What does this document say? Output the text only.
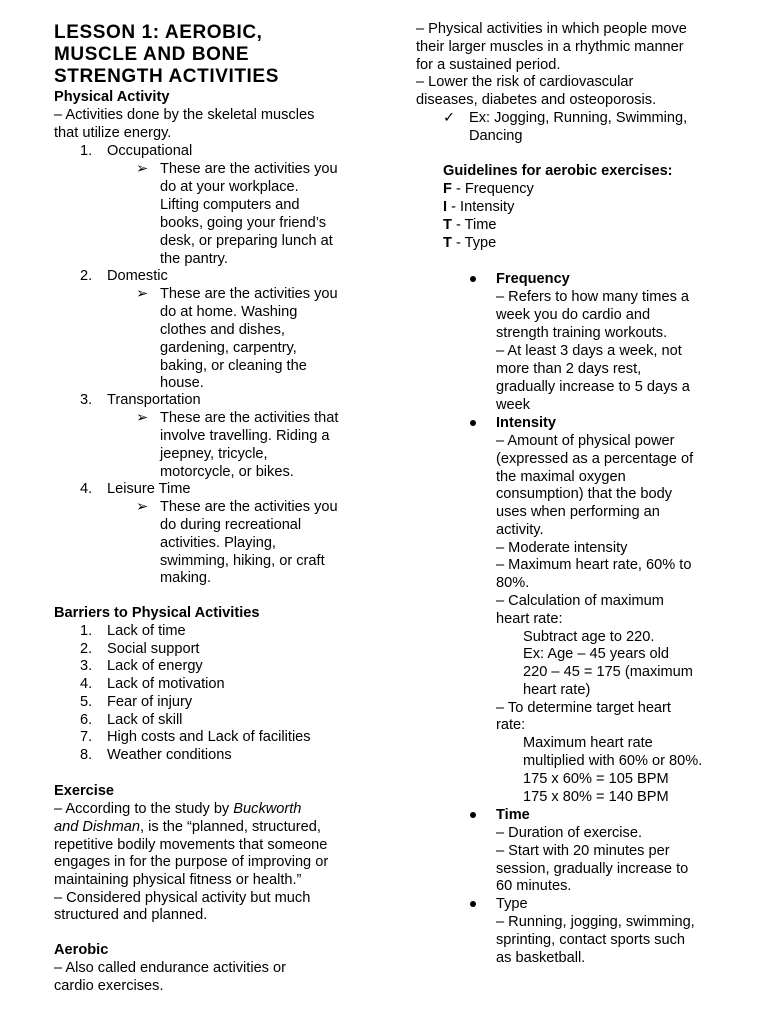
LESSON 1: AEROBIC,
MUSCLE AND BONE
STRENGTH ACTIVITIES
Physical Activity
– Activities done by the skeletal muscles
that utilize energy.
1. Occupational
➢ These are the activities you
do at your workplace.
Lifting computers and
books, going your friend’s
desk, or preparing lunch at
the pantry.
2. Domestic
➢ These are the activities you
do at home. Washing
clothes and dishes,
gardening, carpentry,
baking, or cleaning the
house.
3. Transportation
➢ These are the activities that
involve travelling. Riding a
jeepney, tricycle,
motorcycle, or bikes.
4. Leisure Time
➢ These are the activities you
do during recreational
activities. Playing,
swimming, hiking, or craft
making.
Barriers to Physical Activities
1. Lack of time
2. Social support
3. Lack of energy
4. Lack of motivation
5. Fear of injury
6. Lack of skill
7. High costs and Lack of facilities
8. Weather conditions
Exercise
– According to the study by Buckworth
and Dishman, is the “planned, structured,
repetitive bodily movements that someone
engages in for the purpose of improving or
maintaining physical fitness or health.”
– Considered physical activity but much
structured and planned.
Aerobic
– Also called endurance activities or
cardio exercises.
– Physical activities in which people move
their larger muscles in a rhythmic manner
for a sustained period.
– Lower the risk of cardiovascular
diseases, diabetes and osteoporosis.
✓ Ex: Jogging, Running, Swimming,
Dancing
Guidelines for aerobic exercises:
F - Frequency
I - Intensity
T - Time
T - Type
Frequency
– Refers to how many times a
week you do cardio and
strength training workouts.
– At least 3 days a week, not
more than 2 days rest,
gradually increase to 5 days a
week
Intensity
– Amount of physical power
(expressed as a percentage of
the maximal oxygen
consumption) that the body
uses when performing an
activity.
– Moderate intensity
– Maximum heart rate, 60% to
80%.
– Calculation of maximum
heart rate:
Subtract age to 220.
Ex: Age – 45 years old
220 – 45 = 175 (maximum
heart rate)
– To determine target heart
rate:
Maximum heart rate
multiplied with 60% or 80%.
175 x 60% = 105 BPM
175 x 80% = 140 BPM
Time
– Duration of exercise.
– Start with 20 minutes per
session, gradually increase to
60 minutes.
Type
– Running, jogging, swimming,
sprinting, contact sports such
as basketball.
